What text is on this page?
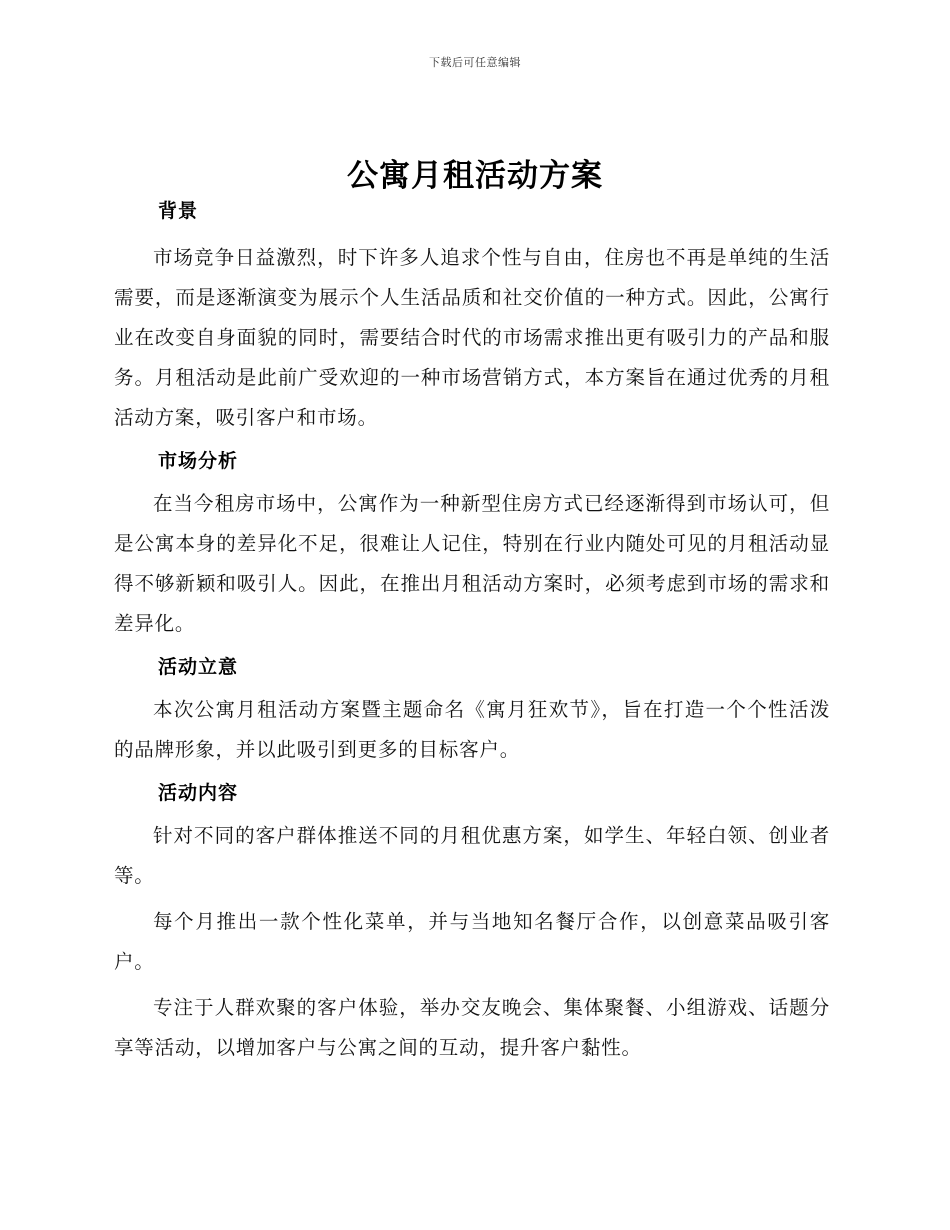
下载后可任意编辑
公寓月租活动方案
背景

市场竞争日益激烈，时下许多人追求个性与自由，住房也不再是单纯的生活需要，而是逐渐演变为展示个人生活品质和社交价值的一种方式。因此，公寓行业在改变自身面貌的同时，需要结合时代的市场需求推出更有吸引力的产品和服务。月租活动是此前广受欢迎的一种市场营销方式，本方案旨在通过优秀的月租活动方案，吸引客户和市场。

市场分析

在当今租房市场中，公寓作为一种新型住房方式已经逐渐得到市场认可，但是公寓本身的差异化不足，很难让人记住，特别在行业内随处可见的月租活动显得不够新颖和吸引人。因此，在推出月租活动方案时，必须考虑到市场的需求和差异化。

活动立意

本次公寓月租活动方案暨主题命名《寓月狂欢节》，旨在打造一个个性活泼的品牌形象，并以此吸引到更多的目标客户。

活动内容

针对不同的客户群体推送不同的月租优惠方案，如学生、年轻白领、创业者等。

每个月推出一款个性化菜单，并与当地知名餐厅合作，以创意菜品吸引客户。

专注于人群欢聚的客户体验，举办交友晚会、集体聚餐、小组游戏、话题分享等活动，以增加客户与公寓之间的互动，提升客户黏性。
